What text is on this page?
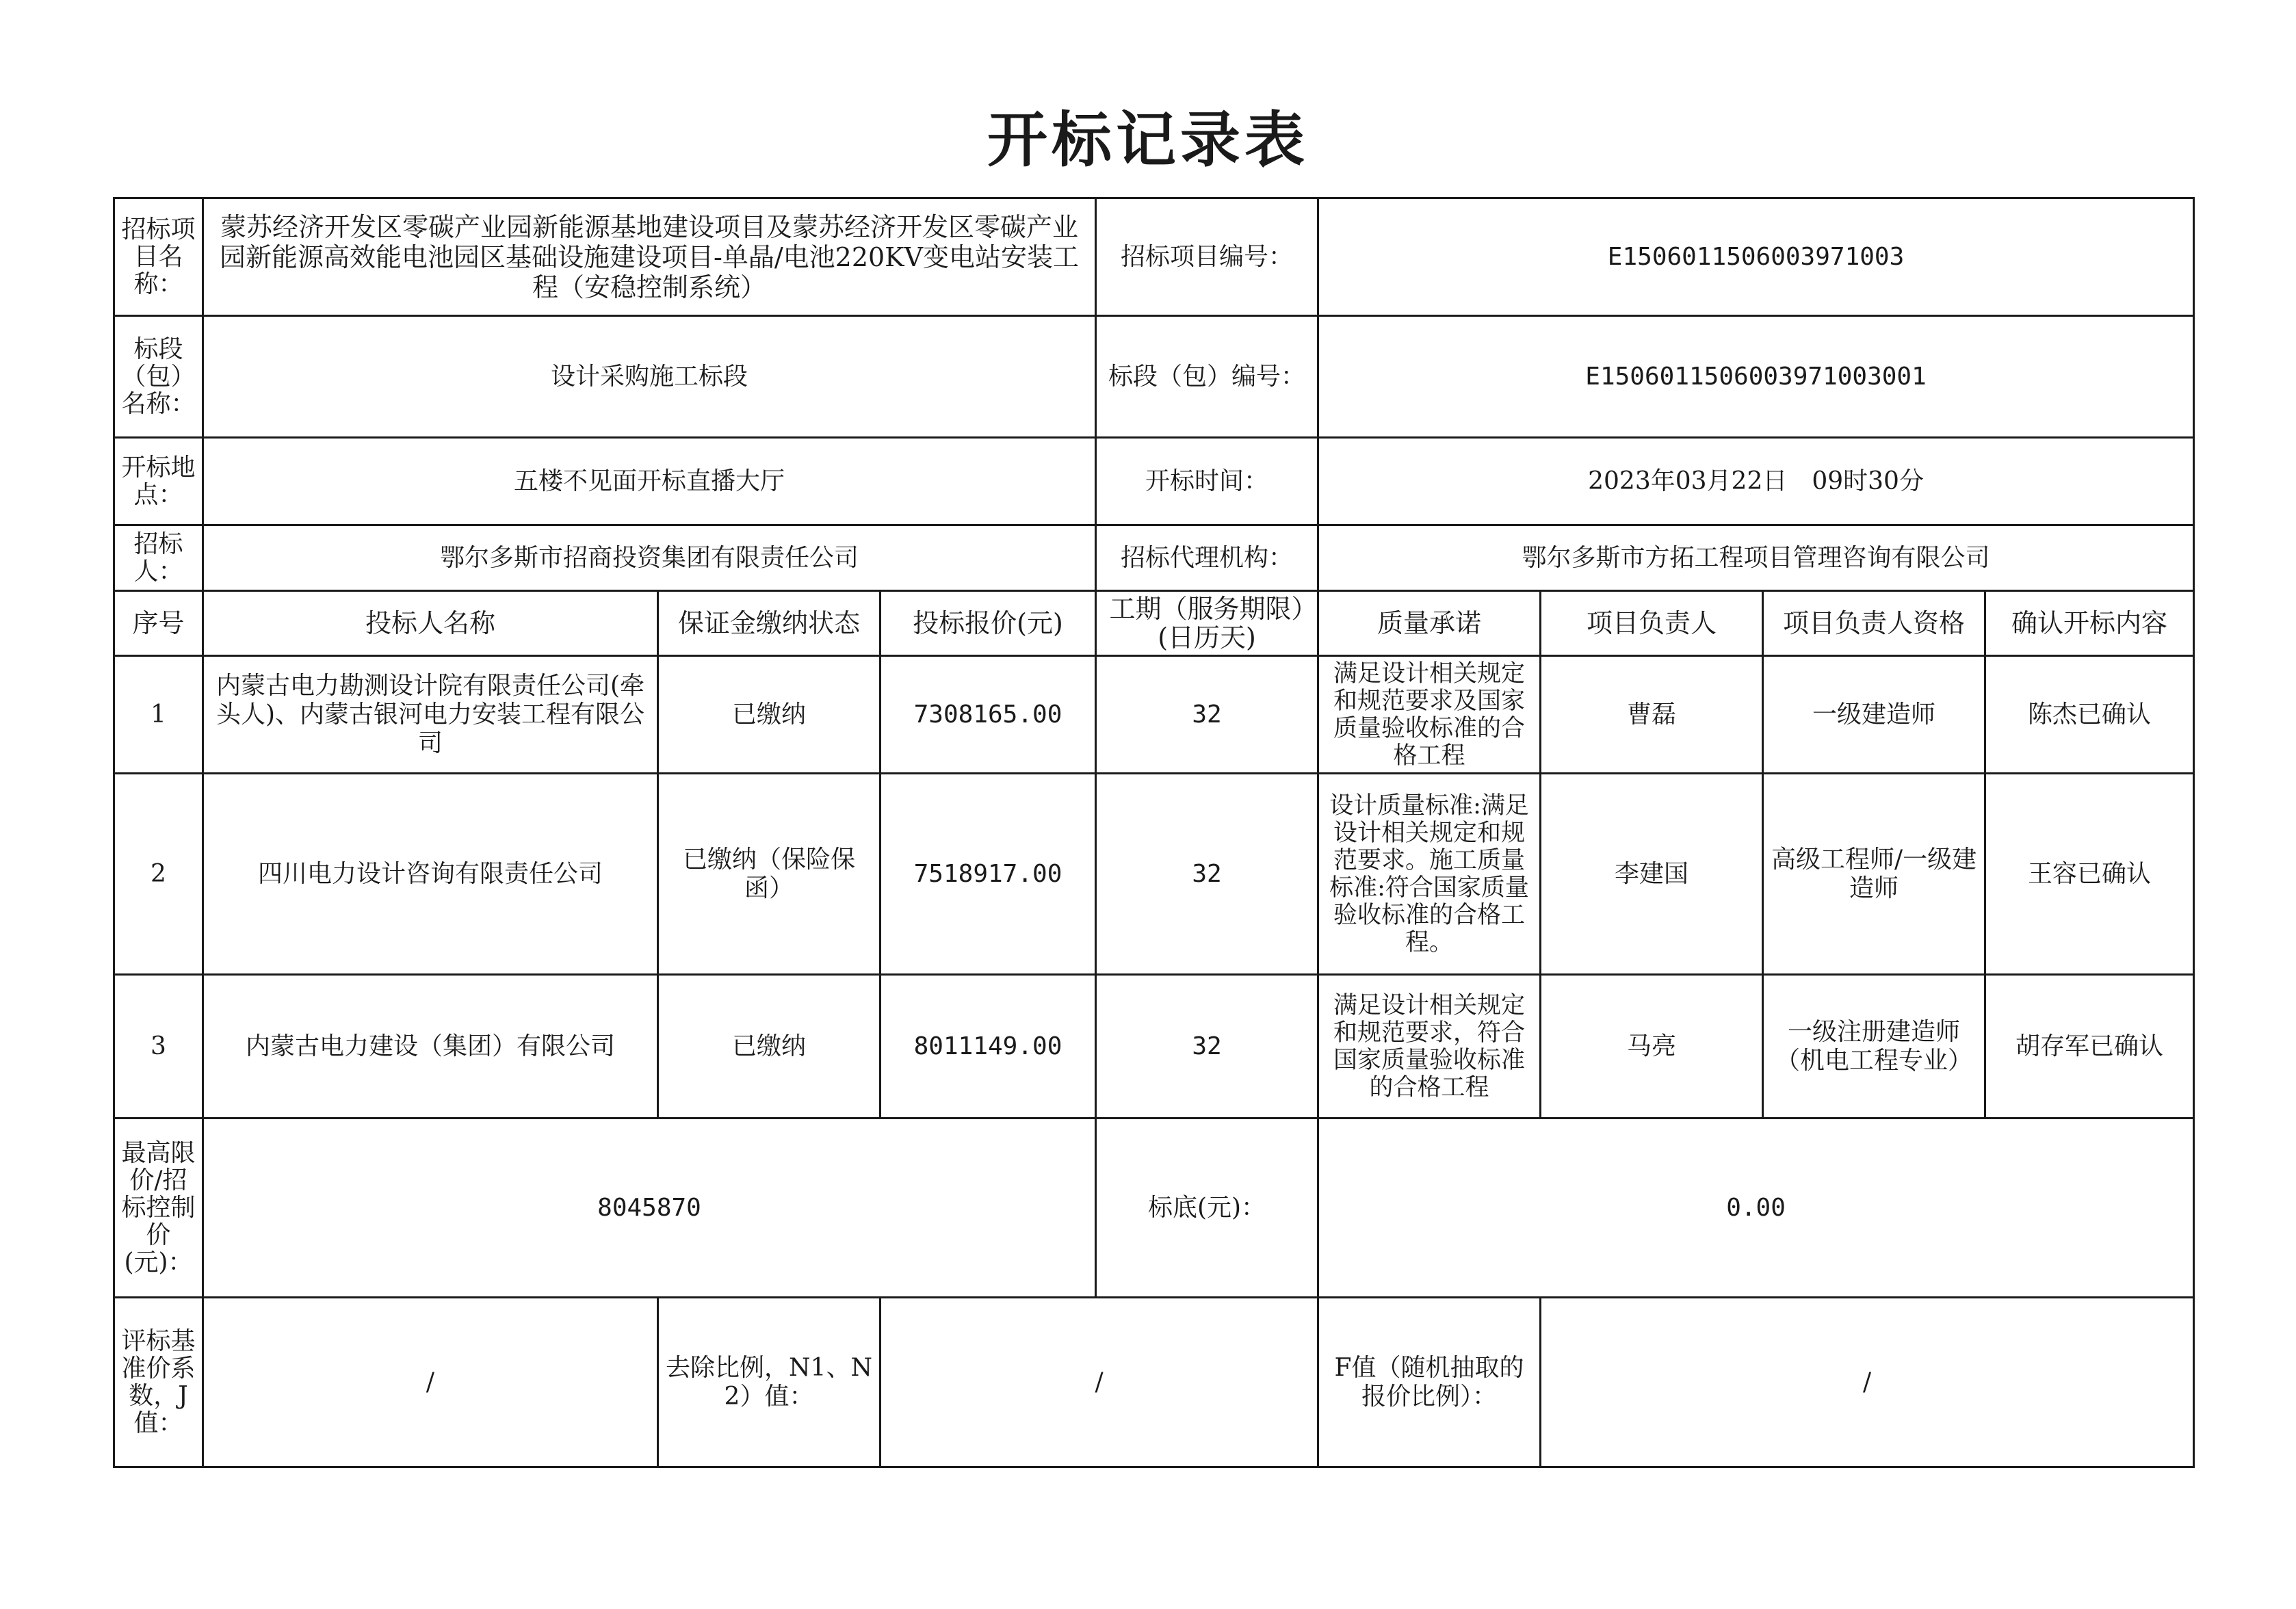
开标记录表
招标项目名称：	蒙苏经济开发区零碳产业园新能源基地建设项目及蒙苏经济开发区零碳产业园新能源高效能电池园区基础设施建设项目-单晶/电池220KV变电站安装工程（安稳控制系统）			招标项目编号：	E1506011506003971003			
标段（包）名称：	设计采购施工标段			标段（包）编号：	E1506011506003971003001			
开标地点：	五楼不见面开标直播大厅			开标时间：	2023年03月22日　09时30分			
招标人：	鄂尔多斯市招商投资集团有限责任公司			招标代理机构：	鄂尔多斯市方拓工程项目管理咨询有限公司			
序号	投标人名称	保证金缴纳状态	投标报价(元)	工期（服务期限）(日历天)	质量承诺	项目负责人	项目负责人资格	确认开标内容
1	内蒙古电力勘测设计院有限责任公司(牵头人)、内蒙古银河电力安装工程有限公司	已缴纳	7308165.00	32	满足设计相关规定和规范要求及国家质量验收标准的合格工程	曹磊	一级建造师	陈杰已确认
2	四川电力设计咨询有限责任公司	已缴纳（保险保函）	7518917.00	32	设计质量标准:满足设计相关规定和规范要求。施工质量标准:符合国家质量验收标准的合格工程。	李建国	高级工程师/一级建造师	王容已确认
3	内蒙古电力建设（集团）有限公司	已缴纳	8011149.00	32	满足设计相关规定和规范要求，符合国家质量验收标准的合格工程	马亮	一级注册建造师（机电工程专业）	胡存军已确认
最高限价/招标控制价(元)：	8045870			标底(元)：	0.00			
评标基准价系数，J值：	/	去除比例，N1、N2）值：	/		F值（随机抽取的报价比例）：	/		
